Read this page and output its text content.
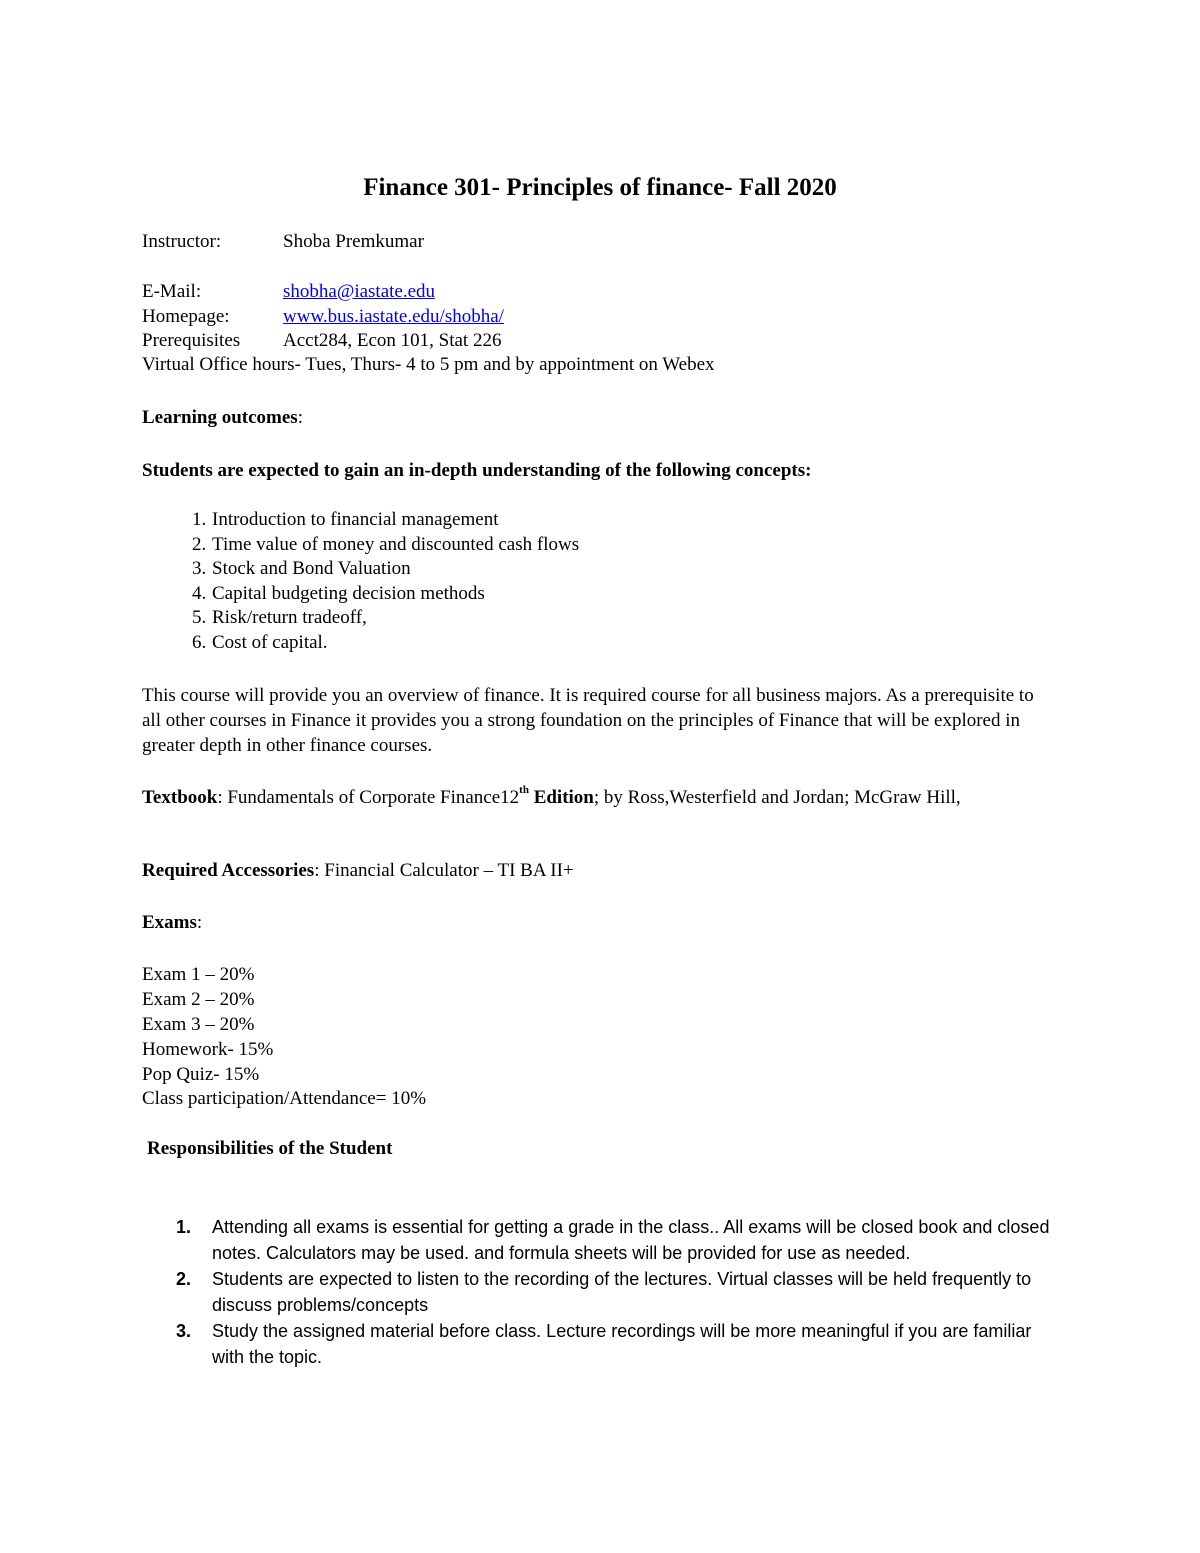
Finance 301- Principles of finance- Fall 2020
Instructor:	Shoba Premkumar
E-Mail:	shobha@iastate.edu
Homepage:	www.bus.iastate.edu/shobha/
Prerequisites Acct284, Econ 101, Stat 226
Virtual Office hours- Tues, Thurs- 4 to 5 pm and by appointment on Webex
Learning outcomes:
Students are expected to gain an in-depth understanding of the following concepts:
1. Introduction to financial management
2. Time value of money and discounted cash flows
3. Stock and Bond Valuation
4. Capital budgeting decision methods
5. Risk/return tradeoff,
6. Cost of capital.
This course will provide you an overview of finance. It is required course for all business majors. As a prerequisite to all other courses in Finance it provides you a strong foundation on the principles of Finance that will be explored in greater depth in other finance courses.
Textbook: Fundamentals of Corporate Finance12th Edition; by Ross,Westerfield and Jordan; McGraw Hill,
Required Accessories: Financial Calculator – TI BA II+
Exams:
Exam 1 – 20%
Exam 2 – 20%
Exam 3 – 20%
Homework- 15%
Pop Quiz- 15%
Class participation/Attendance= 10%
Responsibilities of the Student
1. Attending all exams is essential for getting a grade in the class.. All exams will be closed book and closed notes. Calculators may be used. and formula sheets will be provided for use as needed.
2. Students are expected to listen to the recording of the lectures. Virtual classes will be held frequently to discuss problems/concepts
3. Study the assigned material before class. Lecture recordings will be more meaningful if you are familiar with the topic.
